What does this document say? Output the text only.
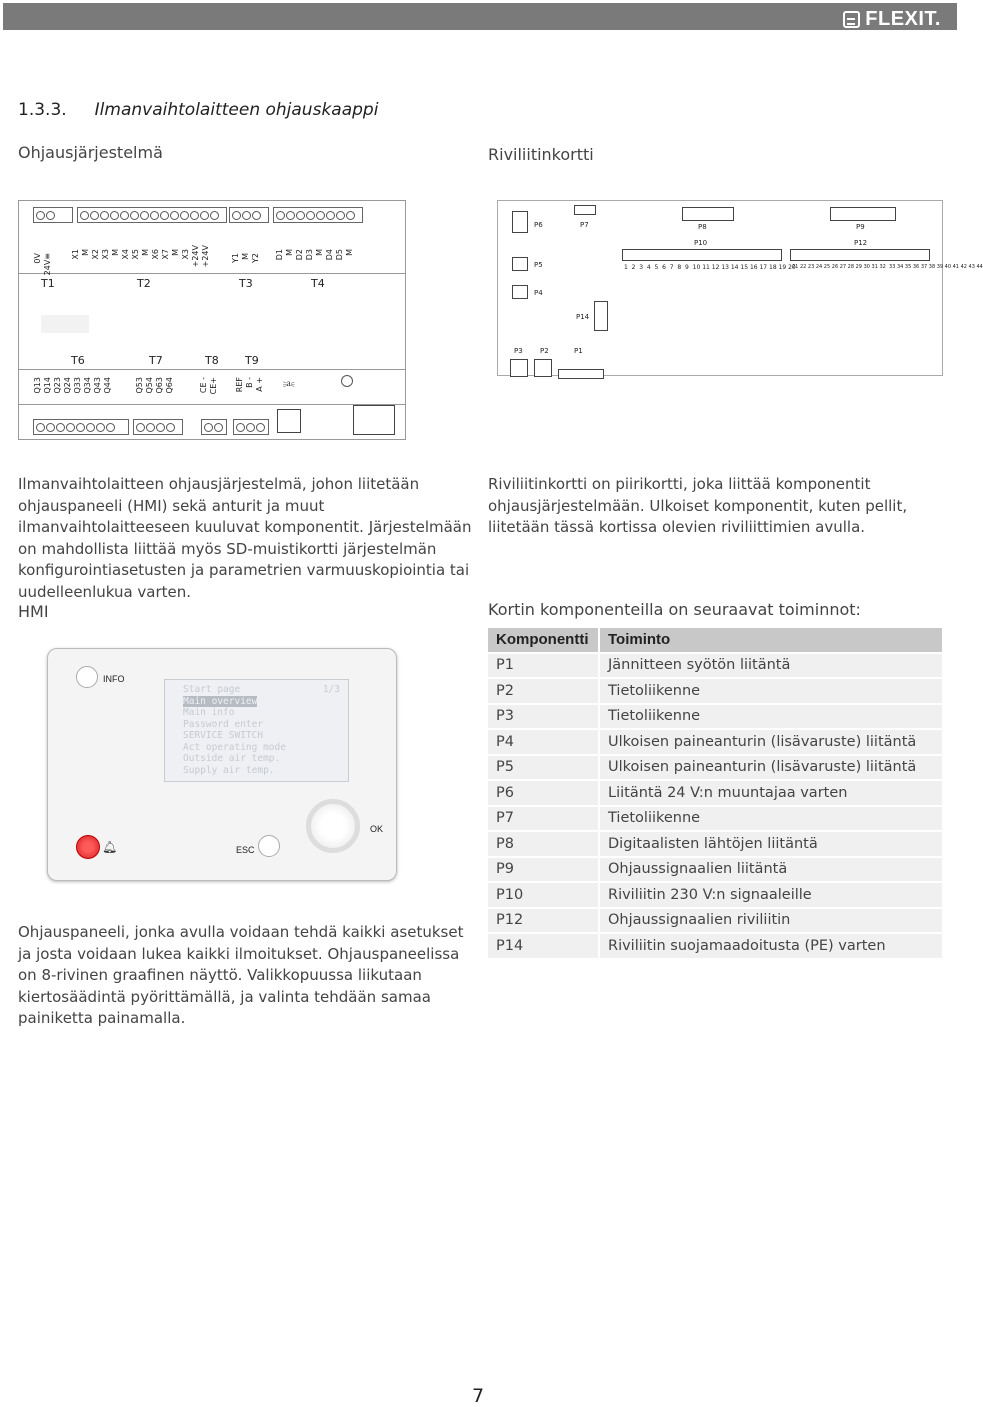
FLEXIT.
1.3.3. Ilmanvaihtolaitteen ohjauskaappi
Ohjausjärjestelmä	Riviliitinkortti
0V 24V≡ X1 M X2 X3 M X4 X5 M X6 X7 M X3 +24V +24V	Y1 M Y2 D1 M D2 D3 M D4 D5 M
T1	T2	T3	T4
T6	T7	T8 T9
Q13 Q14 Q23 Q24 Q33 Q34 Q43 Q44	Q53 Q54 Q63 Q64	CE - CE+ REF B - A + ⎃
P6	P7	P8	P9
P10	P12
1  2  3  4  5  6  7  8  9  10 11 12 13 14 15 16 17 18 19 20
21 22 23 24 25 26 27 28 29 30 31 32  33 34 35 36 37 38 39 40 41 42 43 44
P5
P4
P14
P3 P2	P1
Ilmanvaihtolaitteen ohjausjärjestelmä, johon liitetään ohjauspaneeli (HMI) sekä anturit ja muut ilmanvaihtolaitteeseen kuuluvat komponentit. Järjestelmään on mahdollista liittää myös SD-muistikortti järjestelmän konfigurointiasetusten ja parametrien varmuuskopiointia tai uudelleenlukua varten.
Riviliitinkortti on piirikortti, joka liittää komponentit ohjausjärjestelmään. Ulkoiset komponentit, kuten pellit, liitetään tässä kortissa olevien riviliittimien avulla.
HMI
INFO
1/3
Start page
Main overview
Main info
Password enter
SERVICE SWITCH
Act operating mode
Outside air temp.
Supply air temp.
OK
🔔︎	ESC
Ohjauspaneeli, jonka avulla voidaan tehdä kaikki asetukset ja josta voidaan lukea kaikki ilmoitukset. Ohjauspaneelissa on 8-rivinen graafinen näyttö. Valikkopuussa liikutaan kiertosäädintä pyörittämällä, ja valinta tehdään samaa painiketta painamalla.
Kortin komponenteilla on seuraavat toiminnot:
Komponentti	Toiminto
P1	Jännitteen syötön liitäntä
P2	Tietoliikenne
P3	Tietoliikenne
P4	Ulkoisen paineanturin (lisävaruste) liitäntä
P5	Ulkoisen paineanturin (lisävaruste) liitäntä
P6	Liitäntä 24 V:n muuntajaa varten
P7	Tietoliikenne
P8	Digitaalisten lähtöjen liitäntä
P9	Ohjaussignaalien liitäntä
P10	Riviliitin 230 V:n signaaleille
P12	Ohjaussignaalien riviliitin
P14	Riviliitin suojamaadoitusta (PE) varten
7
